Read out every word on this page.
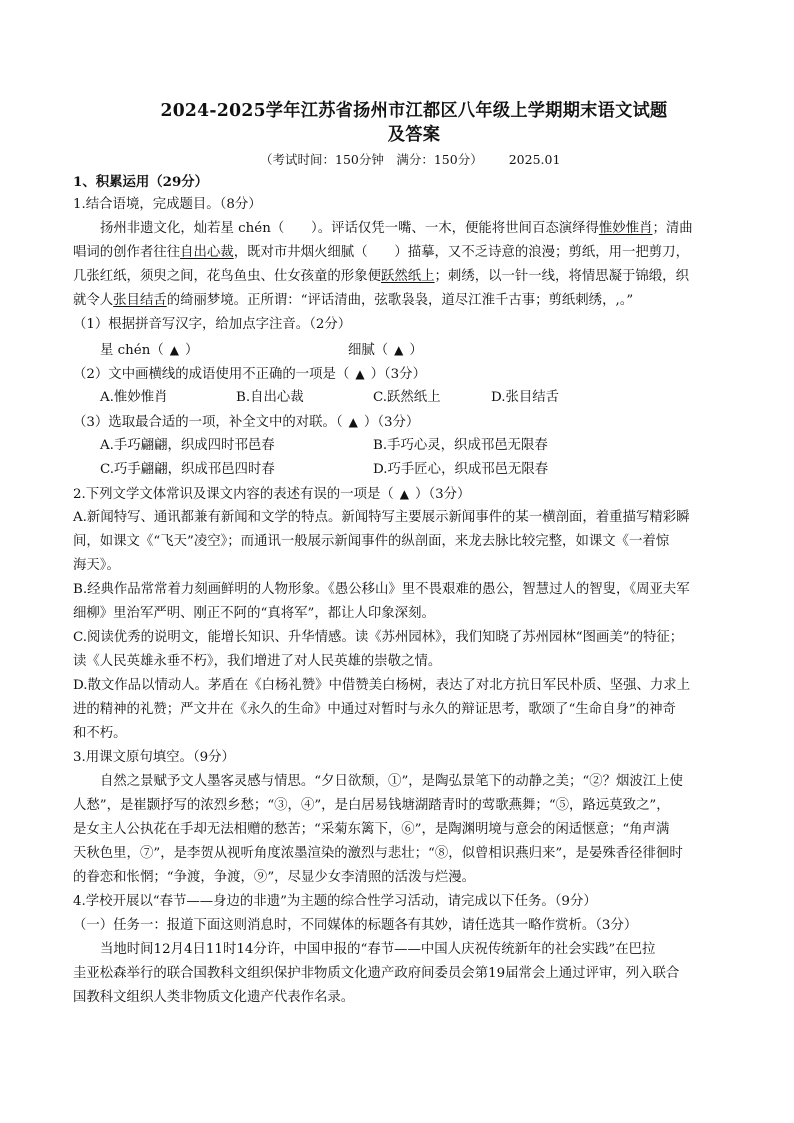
2024-2025学年江苏省扬州市江都区八年级上学期期末语文试题
及答案
（考试时间：150分钟　满分：150分） 2025.01
1、积累运用（29分）
1.结合语境，完成题目。（8分）
扬州非遗文化，灿若星 chén（　　）。评话仅凭一嘴、一木，便能将世间百态演绎得惟妙惟肖；清曲
唱词的创作者往往自出心裁，既对市井烟火细腻（　　）描摹，又不乏诗意的浪漫；剪纸，用一把剪刀，
几张红纸，须臾之间，花鸟鱼虫、仕女孩童的形象便跃然纸上；刺绣，以一针一线，将情思凝于锦缎，织
就令人张目结舌的绮丽梦境。正所谓：“评话清曲，弦歌袅袅，道尽江淮千古事；剪纸刺绣，,。”
（1）根据拼音写汉字，给加点字注音。（2分）
星 chén（ ▲ ）	细腻（ ▲ ）
（2）文中画横线的成语使用不正确的一项是（ ▲ ）（3分）
A.惟妙惟肖	B.自出心裁	C.跃然纸上	D.张目结舌
（3）选取最合适的一项，补全文中的对联。（ ▲ ）（3分）
A.手巧翩翩，织成四时邗邑春	B.手巧心灵，织成邗邑无限春
C.巧手翩翩，织成邗邑四时春	D.巧手匠心，织成邗邑无限春
2.下列文学文体常识及课文内容的表述有误的一项是（ ▲ ）（3分）
A.新闻特写、通讯都兼有新闻和文学的特点。新闻特写主要展示新闻事件的某一横剖面，着重描写精彩瞬
间，如课文《“飞天”凌空》；而通讯一般展示新闻事件的纵剖面，来龙去脉比较完整，如课文《一着惊
海天》。
B.经典作品常常着力刻画鲜明的人物形象。《愚公移山》里不畏艰难的愚公，智慧过人的智叟，《周亚夫军
细柳》里治军严明、刚正不阿的“真将军”，都让人印象深刻。
C.阅读优秀的说明文，能增长知识、升华情感。读《苏州园林》，我们知晓了苏州园林“图画美”的特征；
读《人民英雄永垂不朽》，我们增进了对人民英雄的崇敬之情。
D.散文作品以情动人。茅盾在《白杨礼赞》中借赞美白杨树，表达了对北方抗日军民朴质、坚强、力求上
进的精神的礼赞；严文井在《永久的生命》中通过对暂时与永久的辩证思考，歌颂了“生命自身”的神奇
和不朽。
3.用课文原句填空。（9分）
自然之景赋予文人墨客灵感与情思。“夕日欲颓，①”，是陶弘景笔下的动静之美；“②？烟波江上使
人愁”，是崔颢抒写的浓烈乡愁；“③，④”，是白居易钱塘湖踏青时的莺歌燕舞；“⑤，路远莫致之”，
是女主人公执花在手却无法相赠的愁苦；“采菊东篱下，⑥”，是陶渊明境与意会的闲适惬意；“角声满
天秋色里，⑦”，是李贺从视听角度浓墨渲染的激烈与悲壮；“⑧，似曾相识燕归来”，是晏殊香径徘徊时
的眷恋和怅惘；“争渡，争渡，⑨”，尽显少女李清照的活泼与烂漫。
4.学校开展以“春节——身边的非遗”为主题的综合性学习活动，请完成以下任务。（9分）
（一）任务一：报道下面这则消息时，不同媒体的标题各有其妙，请任选其一略作赏析。（3分）
当地时间12月4日11时14分许，中国申报的“春节——中国人庆祝传统新年的社会实践”在巴拉
圭亚松森举行的联合国教科文组织保护非物质文化遗产政府间委员会第19届常会上通过评审，列入联合
国教科文组织人类非物质文化遗产代表作名录。
